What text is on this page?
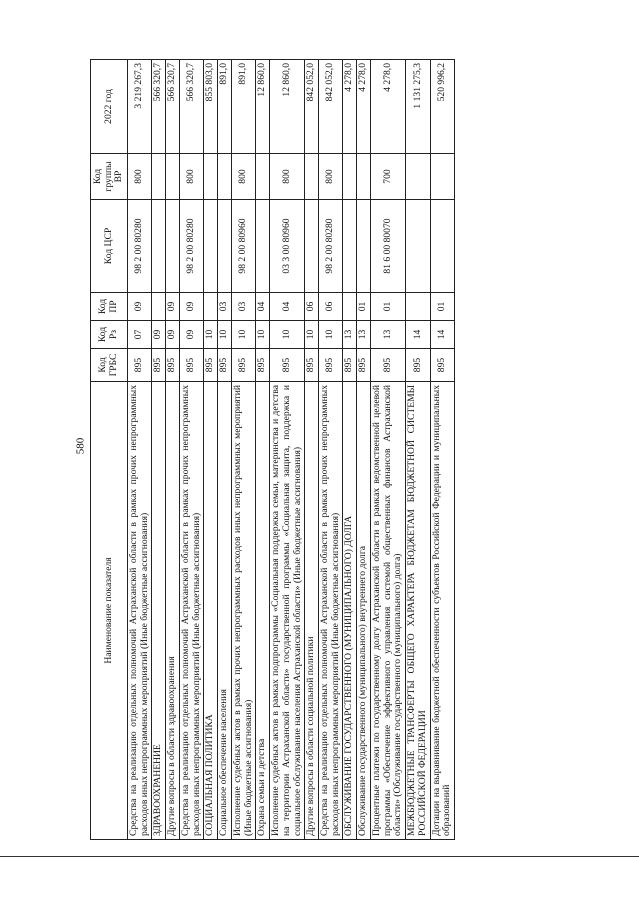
580
Наименование показателя	Код ГРБС	Код Рз	Код ПР	Код ЦСР	Код группы ВР	2022 год
Средства на реализацию отдельных полномочий Астраханской области в рамках прочих непрограммных расходов иных непрограммных мероприятий (Иные бюджетные ассигнования)	895	07	09	98 2 00 80280	800	3 219 267,3
ЗДРАВООХРАНЕНИЕ	895	09				566 320,7
Другие вопросы в области здравоохранения	895	09	09			566 320,7
Средства на реализацию отдельных полномочий Астраханской области в рамках прочих непрограммных расходов иных непрограммных мероприятий (Иные бюджетные ассигнования)	895	09	09	98 2 00 80280	800	566 320,7
СОЦИАЛЬНАЯ ПОЛИТИКА	895	10				855 803,0
Социальное обеспечение населения	895	10	03			891,0
Исполнение судебных актов в рамках прочих непрограммных расходов иных непрограммных мероприятий (Иные бюджетные ассигнования)	895	10	03	98 2 00 80960	800	891,0
Охрана семьи и детства	895	10	04			12 860,0
Исполнение судебных актов в рамках подпрограммы «Социальная поддержка семьи, материнства и детства на территории Астраханской области» государственной программы «Социальная защита, поддержка и социальное обслуживание населения Астраханской области» (Иные бюджетные ассигнования)	895	10	04	03 3 00 80960	800	12 860,0
Другие вопросы в области социальной политики	895	10	06			842 052,0
Средства на реализацию отдельных полномочий Астраханской области в рамках прочих непрограммных расходов иных непрограммных мероприятий (Иные бюджетные ассигнования)	895	10	06	98 2 00 80280	800	842 052,0
ОБСЛУЖИВАНИЕ ГОСУДАРСТВЕННОГО (МУНИЦИПАЛЬНОГО) ДОЛГА	895	13				4 278,0
Обслуживание государственного (муниципального) внутреннего долга	895	13	01			4 278,0
Процентные платежи по государственному долгу Астраханской области в рамках ведомственной целевой программы «Обеспечение эффективного управления системой общественных финансов Астраханской области» (Обслуживание государственного (муниципального) долга)	895	13	01	81 6 00 80070	700	4 278,0
МЕЖБЮДЖЕТНЫЕ ТРАНСФЕРТЫ ОБЩЕГО ХАРАКТЕРА БЮДЖЕТАМ БЮДЖЕТНОЙ СИСТЕМЫ РОССИЙСКОЙ ФЕДЕРАЦИИ	895	14				1 131 275,3
Дотации на выравнивание бюджетной обеспеченности субъектов Российской Федерации и муниципальных образований	895	14	01			520 996,2
